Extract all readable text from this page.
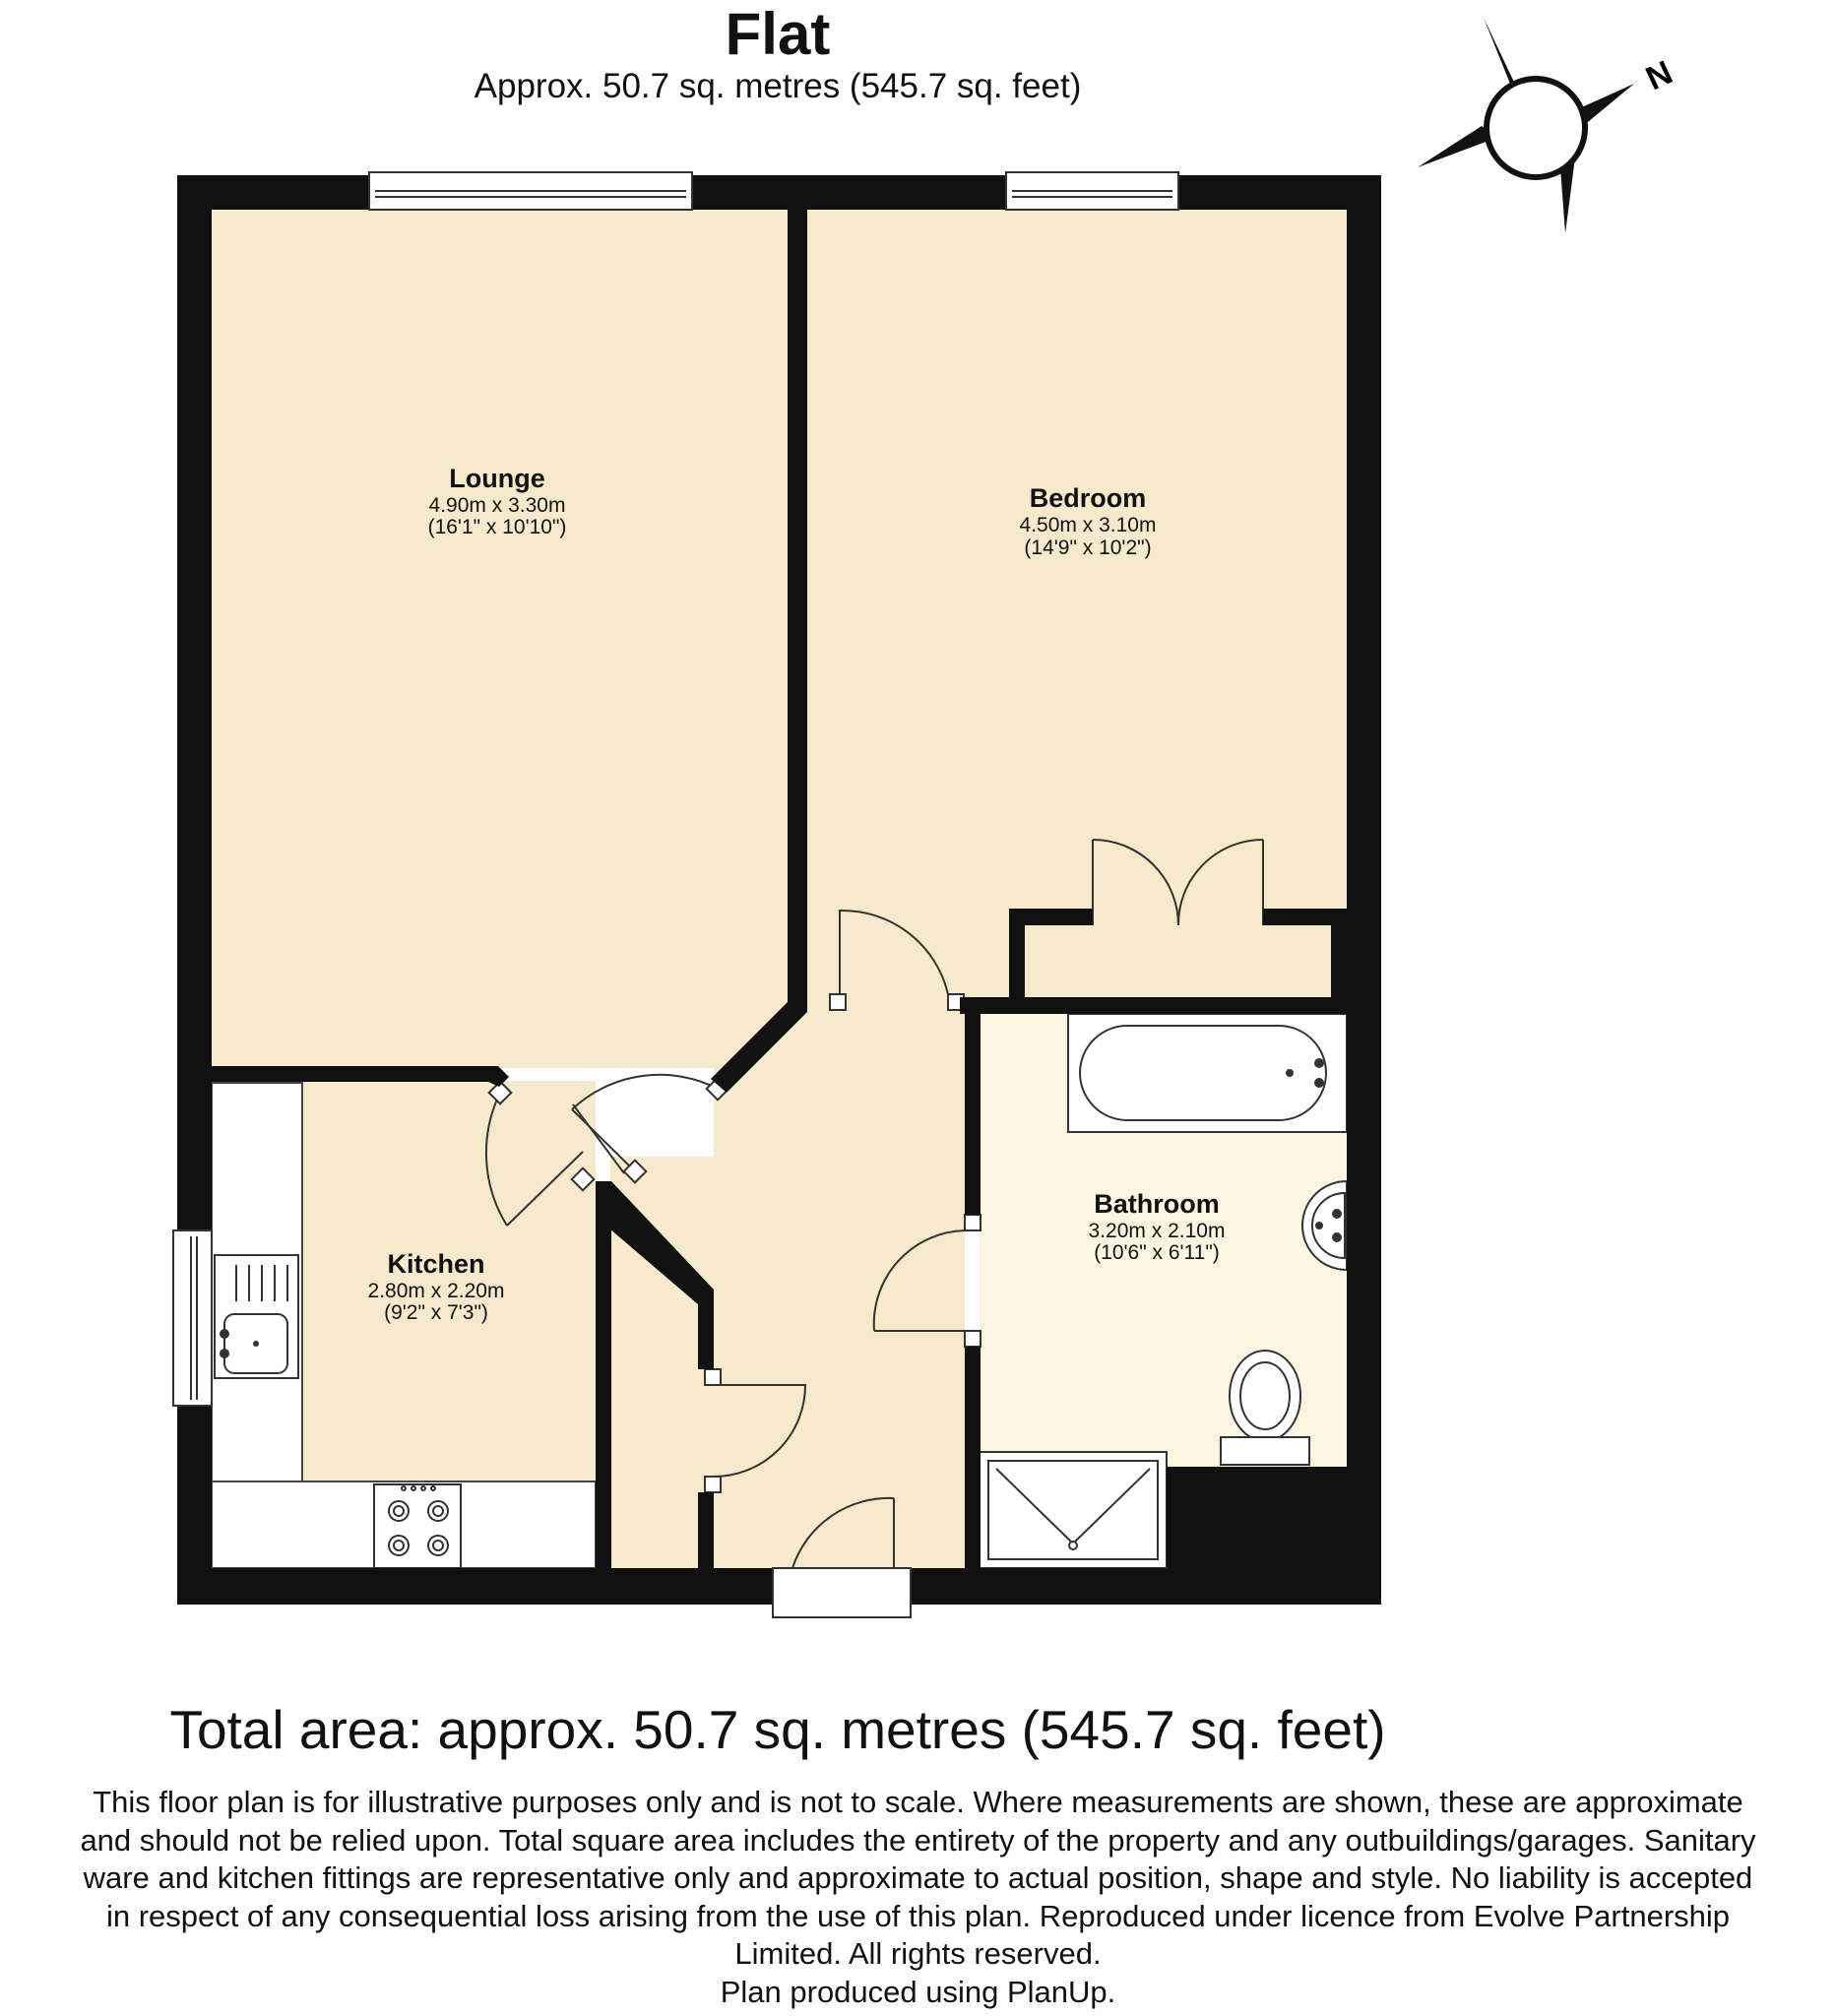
Flat
Approx. 50.7 sq. metres (545.7 sq. feet)	N
Lounge
4.90m x 3.30m
(16'1" x 10'10")
Bedroom
4.50m x 3.10m
(14'9" x 10'2")
Bathroom
3.20m x 2.10m
(10'6" x 6'11")
Kitchen
2.80m x 2.20m
(9'2" x 7'3")
Total area: approx. 50.7 sq. metres (545.7 sq. feet)
This floor plan is for illustrative purposes only and is not to scale. Where measurements are shown, these are approximate
and should not be relied upon. Total square area includes the entirety of the property and any outbuildings/garages. Sanitary
ware and kitchen fittings are representative only and approximate to actual position, shape and style. No liability is accepted
in respect of any consequential loss arising from the use of this plan. Reproduced under licence from Evolve Partnership
Limited. All rights reserved.
Plan produced using PlanUp.
